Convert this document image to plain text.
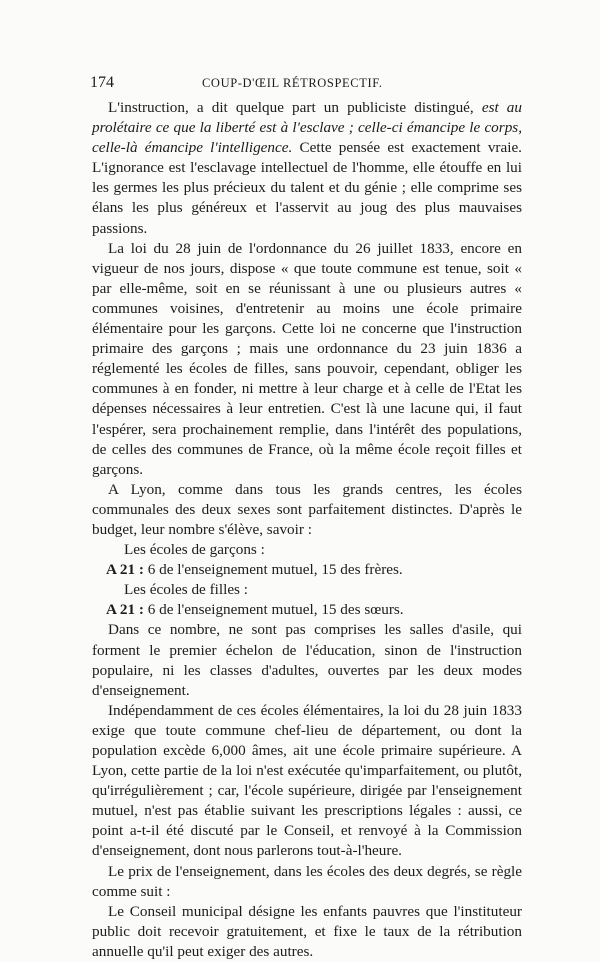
174	COUP-D'ŒIL RÉTROSPECTIF.

L'instruction, a dit quelque part un publiciste distingué, est au prolétaire ce que la liberté est à l'esclave ; celle-ci émancipe le corps, celle-là émancipe l'intelligence. Cette pensée est exactement vraie. L'ignorance est l'esclavage intellectuel de l'homme, elle étouffe en lui les germes les plus précieux du talent et du génie ; elle comprime ses élans les plus généreux et l'asservit au joug des plus mauvaises passions.

La loi du 28 juin de l'ordonnance du 26 juillet 1833, encore en vigueur de nos jours, dispose « que toute commune est tenue, soit « par elle-même, soit en se réunissant à une ou plusieurs autres « communes voisines, d'entretenir au moins une école primaire élémentaire pour les garçons. Cette loi ne concerne que l'instruction primaire des garçons ; mais une ordonnance du 23 juin 1836 a réglementé les écoles de filles, sans pouvoir, cependant, obliger les communes à en fonder, ni mettre à leur charge et à celle de l'Etat les dépenses nécessaires à leur entretien. C'est là une lacune qui, il faut l'espérer, sera prochainement remplie, dans l'intérêt des populations, de celles des communes de France, où la même école reçoit filles et garçons.

A Lyon, comme dans tous les grands centres, les écoles communales des deux sexes sont parfaitement distinctes. D'après le budget, leur nombre s'élève, savoir :

Les écoles de garçons :

A 21 : 6 de l'enseignement mutuel, 15 des frères.

Les écoles de filles :

A 21 : 6 de l'enseignement mutuel, 15 des sœurs.

Dans ce nombre, ne sont pas comprises les salles d'asile, qui forment le premier échelon de l'éducation, sinon de l'instruction populaire, ni les classes d'adultes, ouvertes par les deux modes d'enseignement.

Indépendamment de ces écoles élémentaires, la loi du 28 juin 1833 exige que toute commune chef-lieu de département, ou dont la population excède 6,000 âmes, ait une école primaire supérieure. A Lyon, cette partie de la loi n'est exécutée qu'imparfaitement, ou plutôt, qu'irrégulièrement ; car, l'école supérieure, dirigée par l'enseignement mutuel, n'est pas établie suivant les prescriptions légales : aussi, ce point a-t-il été discuté par le Conseil, et renvoyé à la Commission d'enseignement, dont nous parlerons tout-à-l'heure.

Le prix de l'enseignement, dans les écoles des deux degrés, se règle comme suit :

Le Conseil municipal désigne les enfants pauvres que l'instituteur public doit recevoir gratuitement, et fixe le taux de la rétribution annuelle qu'il peut exiger des autres.
